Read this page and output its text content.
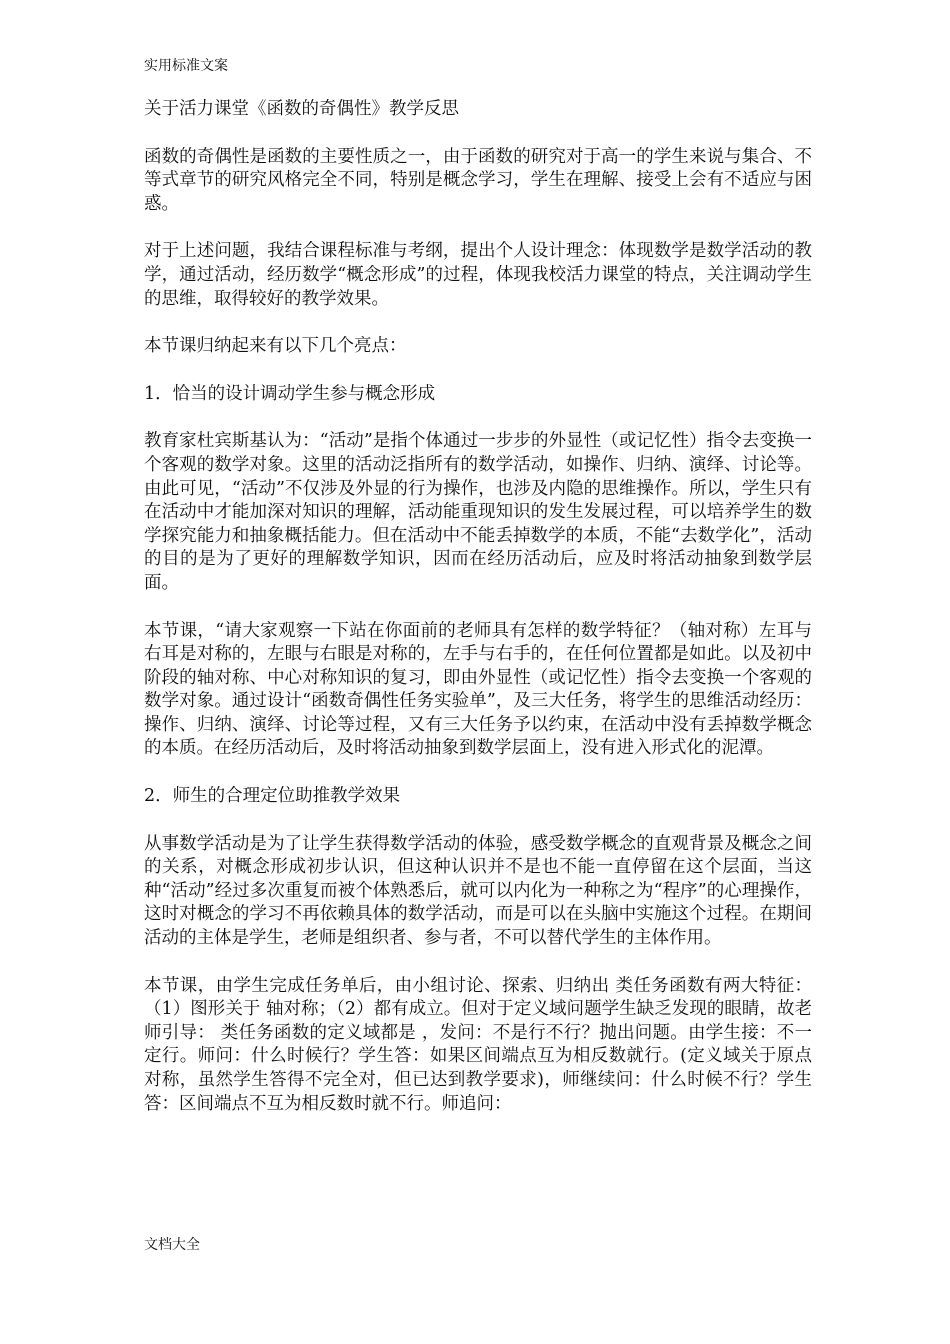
实用标准文案

关于活力课堂《函数的奇偶性》教学反思

函数的奇偶性是函数的主要性质之一，由于函数的研究对于高一的学生来说与集合、不等式章节的研究风格完全不同，特别是概念学习，学生在理解、接受上会有不适应与困惑。

对于上述问题，我结合课程标准与考纲，提出个人设计理念：体现数学是数学活动的教学，通过活动，经历数学“概念形成”的过程，体现我校活力课堂的特点，关注调动学生的思维，取得较好的教学效果。

本节课归纳起来有以下几个亮点：

1．恰当的设计调动学生参与概念形成

教育家杜宾斯基认为：“活动”是指个体通过一步步的外显性（或记忆性）指令去变换一个客观的数学对象。这里的活动泛指所有的数学活动，如操作、归纳、演绎、讨论等。由此可见，“活动”不仅涉及外显的行为操作，也涉及内隐的思维操作。所以，学生只有在活动中才能加深对知识的理解，活动能重现知识的发生发展过程，可以培养学生的数学探究能力和抽象概括能力。但在活动中不能丢掉数学的本质，不能“去数学化”，活动的目的是为了更好的理解数学知识，因而在经历活动后，应及时将活动抽象到数学层面。

本节课，“请大家观察一下站在你面前的老师具有怎样的数学特征？（轴对称）左耳与右耳是对称的，左眼与右眼是对称的，左手与右手的，在任何位置都是如此。以及初中阶段的轴对称、中心对称知识的复习，即由外显性（或记忆性）指令去变换一个客观的数学对象。通过设计“函数奇偶性任务实验单”，及三大任务，将学生的思维活动经历：操作、归纳、演绎、讨论等过程，又有三大任务予以约束，在活动中没有丢掉数学概念的本质。在经历活动后，及时将活动抽象到数学层面上，没有进入形式化的泥潭。

2．师生的合理定位助推教学效果

从事数学活动是为了让学生获得数学活动的体验，感受数学概念的直观背景及概念之间的关系，对概念形成初步认识，但这种认识并不是也不能一直停留在这个层面，当这种“活动”经过多次重复而被个体熟悉后，就可以内化为一种称之为“程序”的心理操作，这时对概念的学习不再依赖具体的数学活动，而是可以在头脑中实施这个过程。在期间活动的主体是学生，老师是组织者、参与者，不可以替代学生的主体作用。

本节课，由学生完成任务单后，由小组讨论、探索、归纳出 类任务函数有两大特征：（1）图形关于 轴对称；（2）都有成立。但对于定义域问题学生缺乏发现的眼睛，故老师引导： 类任务函数的定义域都是 ，发问：不是行不行？抛出问题。由学生接：不一定行。师问：什么时候行？学生答：如果区间端点互为相反数就行。(定义域关于原点对称，虽然学生答得不完全对，但已达到教学要求)，师继续问：什么时候不行？学生答：区间端点不互为相反数时就不行。师追问：

文档大全
